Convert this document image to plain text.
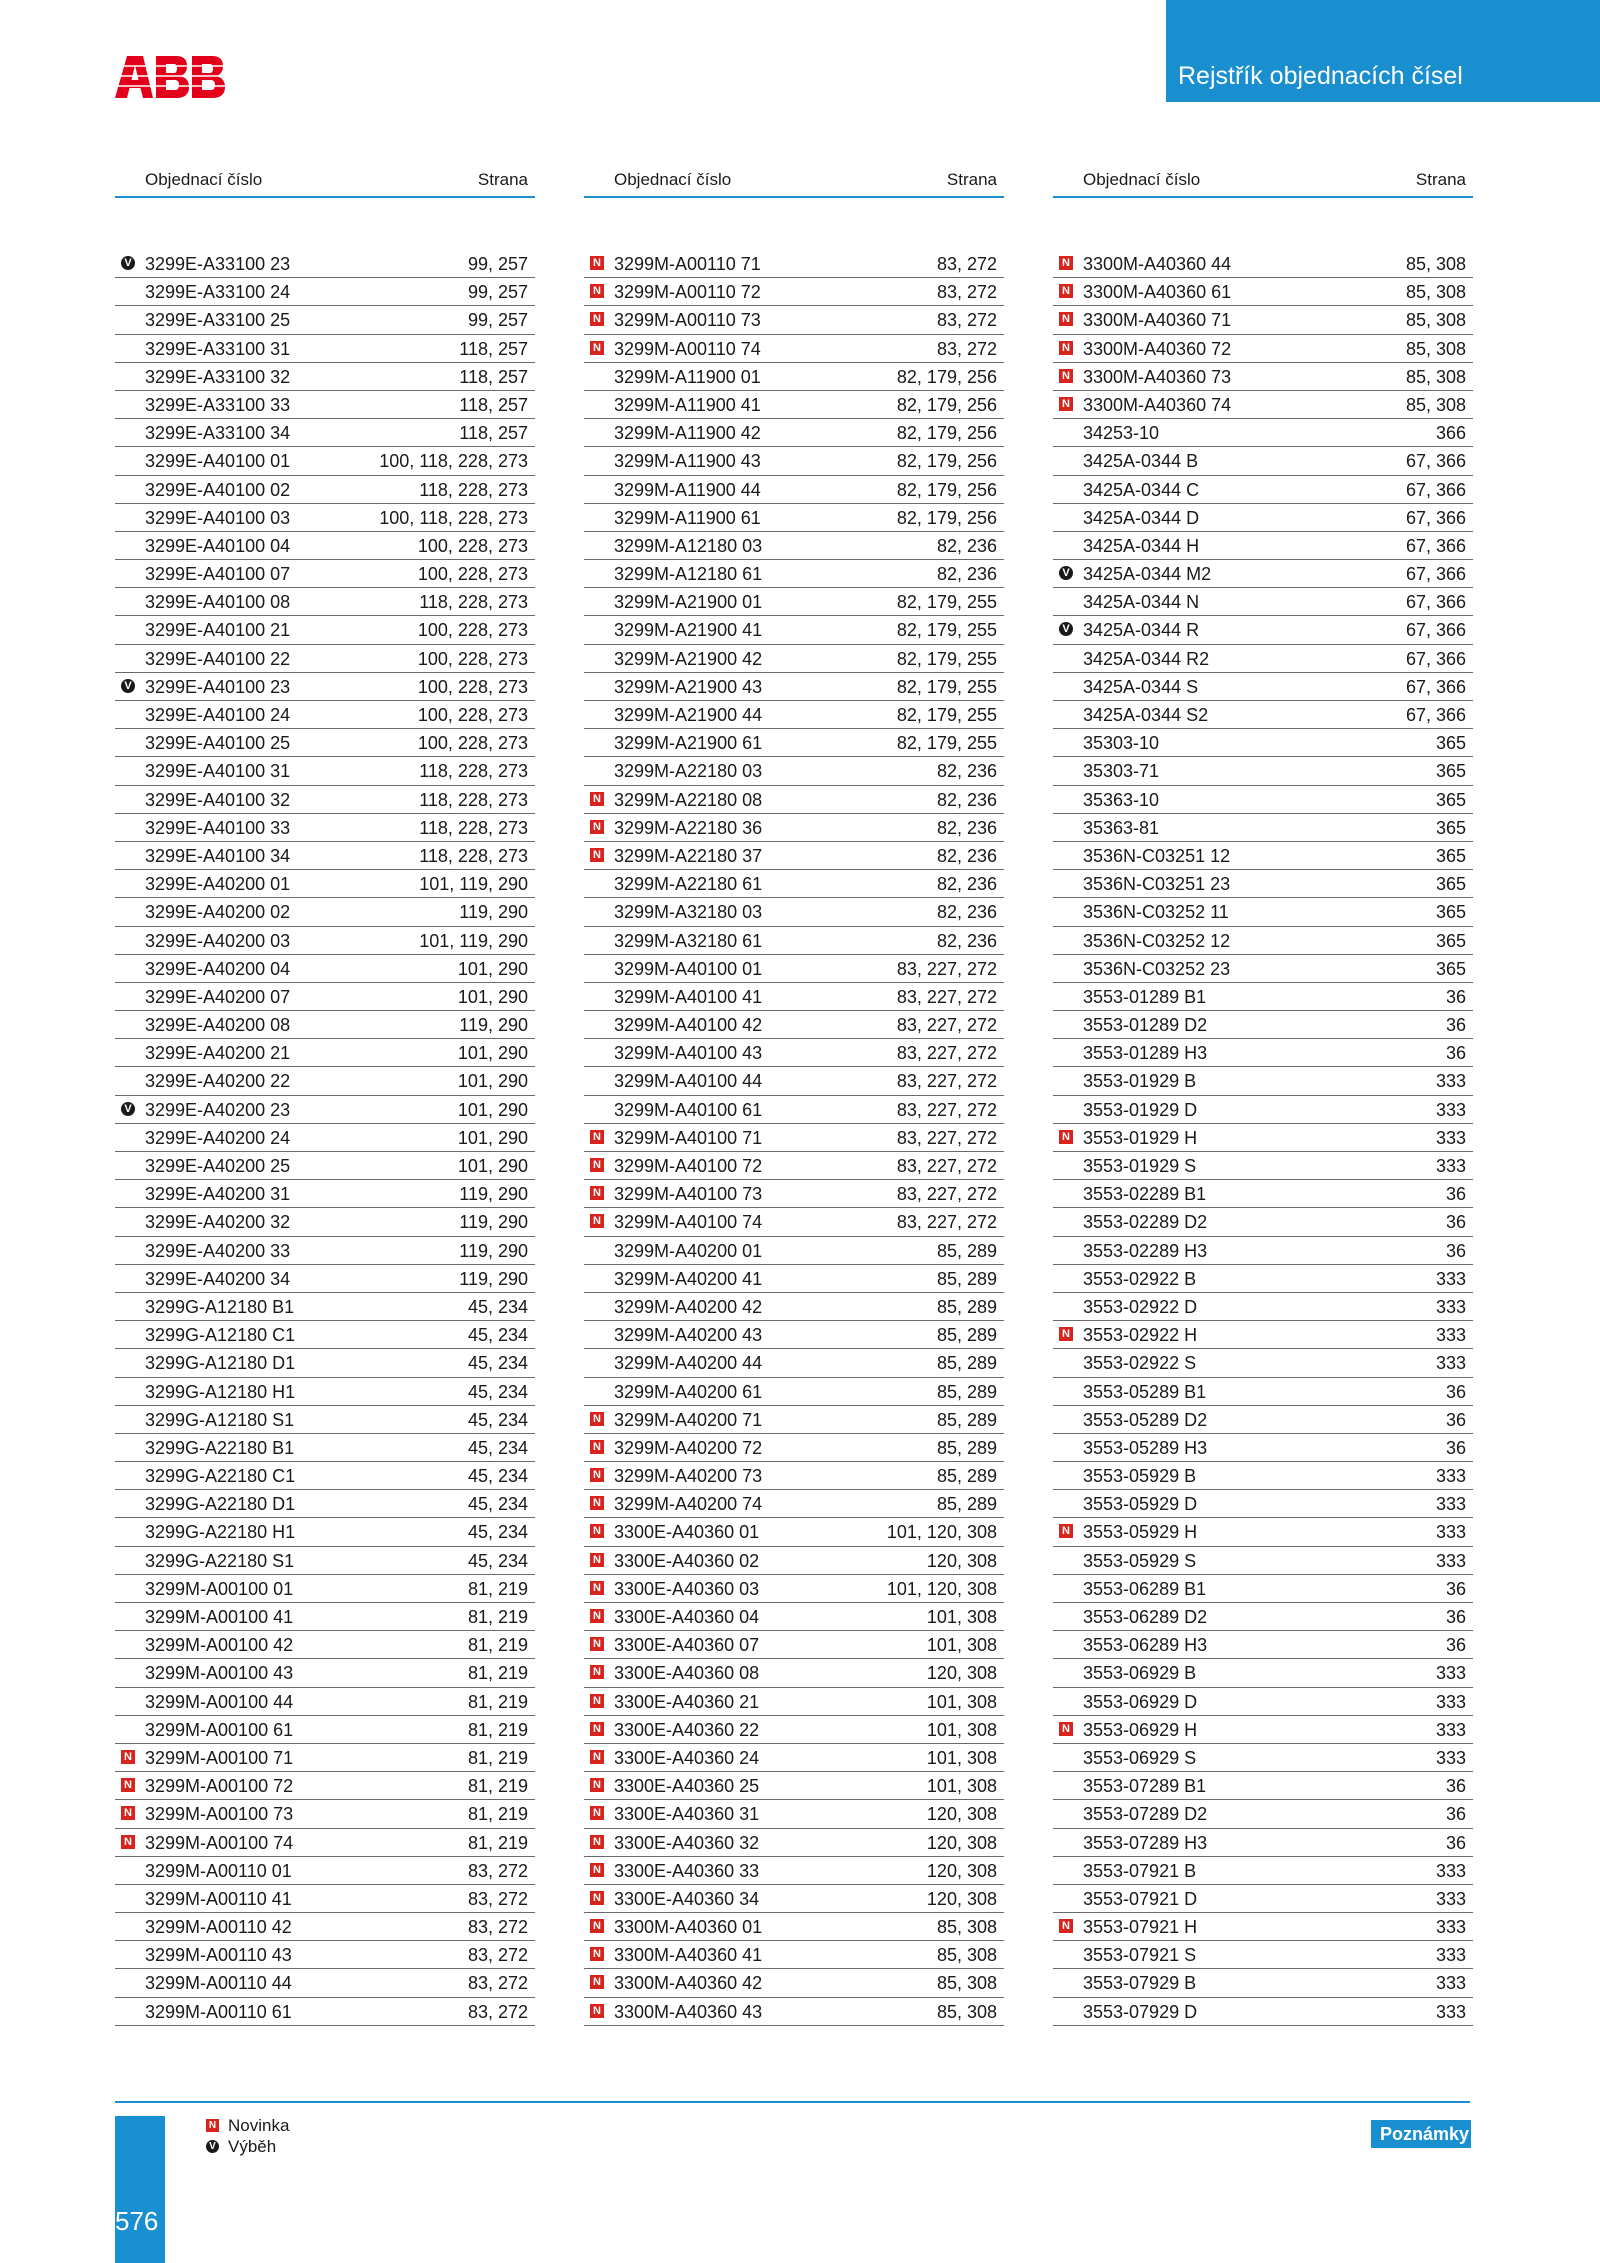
Rejstřík objednacích čísel
Objednací číslo	Strana
V 3299E-A33100 23	99, 257
3299E-A33100 24	99, 257
3299E-A33100 25	99, 257
3299E-A33100 31	118, 257
3299E-A33100 32	118, 257
3299E-A33100 33	118, 257
3299E-A33100 34	118, 257
3299E-A40100 01	100, 118, 228, 273
3299E-A40100 02	118, 228, 273
3299E-A40100 03	100, 118, 228, 273
3299E-A40100 04	100, 228, 273
3299E-A40100 07	100, 228, 273
3299E-A40100 08	118, 228, 273
3299E-A40100 21	100, 228, 273
3299E-A40100 22	100, 228, 273
V 3299E-A40100 23	100, 228, 273
3299E-A40100 24	100, 228, 273
3299E-A40100 25	100, 228, 273
3299E-A40100 31	118, 228, 273
3299E-A40100 32	118, 228, 273
3299E-A40100 33	118, 228, 273
3299E-A40100 34	118, 228, 273
3299E-A40200 01	101, 119, 290
3299E-A40200 02	119, 290
3299E-A40200 03	101, 119, 290
3299E-A40200 04	101, 290
3299E-A40200 07	101, 290
3299E-A40200 08	119, 290
3299E-A40200 21	101, 290
3299E-A40200 22	101, 290
V 3299E-A40200 23	101, 290
3299E-A40200 24	101, 290
3299E-A40200 25	101, 290
3299E-A40200 31	119, 290
3299E-A40200 32	119, 290
3299E-A40200 33	119, 290
3299E-A40200 34	119, 290
3299G-A12180 B1	45, 234
3299G-A12180 C1	45, 234
3299G-A12180 D1	45, 234
3299G-A12180 H1	45, 234
3299G-A12180 S1	45, 234
3299G-A22180 B1	45, 234
3299G-A22180 C1	45, 234
3299G-A22180 D1	45, 234
3299G-A22180 H1	45, 234
3299G-A22180 S1	45, 234
3299M-A00100 01	81, 219
3299M-A00100 41	81, 219
3299M-A00100 42	81, 219
3299M-A00100 43	81, 219
3299M-A00100 44	81, 219
3299M-A00100 61	81, 219
N 3299M-A00100 71	81, 219
N 3299M-A00100 72	81, 219
N 3299M-A00100 73	81, 219
N 3299M-A00100 74	81, 219
3299M-A00110 01	83, 272
3299M-A00110 41	83, 272
3299M-A00110 42	83, 272
3299M-A00110 43	83, 272
3299M-A00110 44	83, 272
3299M-A00110 61	83, 272
Objednací číslo	Strana
N 3299M-A00110 71	83, 272
N 3299M-A00110 72	83, 272
N 3299M-A00110 73	83, 272
N 3299M-A00110 74	83, 272
3299M-A11900 01	82, 179, 256
3299M-A11900 41	82, 179, 256
3299M-A11900 42	82, 179, 256
3299M-A11900 43	82, 179, 256
3299M-A11900 44	82, 179, 256
3299M-A11900 61	82, 179, 256
3299M-A12180 03	82, 236
3299M-A12180 61	82, 236
3299M-A21900 01	82, 179, 255
3299M-A21900 41	82, 179, 255
3299M-A21900 42	82, 179, 255
3299M-A21900 43	82, 179, 255
3299M-A21900 44	82, 179, 255
3299M-A21900 61	82, 179, 255
3299M-A22180 03	82, 236
N 3299M-A22180 08	82, 236
N 3299M-A22180 36	82, 236
N 3299M-A22180 37	82, 236
3299M-A22180 61	82, 236
3299M-A32180 03	82, 236
3299M-A32180 61	82, 236
3299M-A40100 01	83, 227, 272
3299M-A40100 41	83, 227, 272
3299M-A40100 42	83, 227, 272
3299M-A40100 43	83, 227, 272
3299M-A40100 44	83, 227, 272
3299M-A40100 61	83, 227, 272
N 3299M-A40100 71	83, 227, 272
N 3299M-A40100 72	83, 227, 272
N 3299M-A40100 73	83, 227, 272
N 3299M-A40100 74	83, 227, 272
3299M-A40200 01	85, 289
3299M-A40200 41	85, 289
3299M-A40200 42	85, 289
3299M-A40200 43	85, 289
3299M-A40200 44	85, 289
3299M-A40200 61	85, 289
N 3299M-A40200 71	85, 289
N 3299M-A40200 72	85, 289
N 3299M-A40200 73	85, 289
N 3299M-A40200 74	85, 289
N 3300E-A40360 01	101, 120, 308
N 3300E-A40360 02	120, 308
N 3300E-A40360 03	101, 120, 308
N 3300E-A40360 04	101, 308
N 3300E-A40360 07	101, 308
N 3300E-A40360 08	120, 308
N 3300E-A40360 21	101, 308
N 3300E-A40360 22	101, 308
N 3300E-A40360 24	101, 308
N 3300E-A40360 25	101, 308
N 3300E-A40360 31	120, 308
N 3300E-A40360 32	120, 308
N 3300E-A40360 33	120, 308
N 3300E-A40360 34	120, 308
N 3300M-A40360 01	85, 308
N 3300M-A40360 41	85, 308
N 3300M-A40360 42	85, 308
N 3300M-A40360 43	85, 308
Objednací číslo	Strana
N 3300M-A40360 44	85, 308
N 3300M-A40360 61	85, 308
N 3300M-A40360 71	85, 308
N 3300M-A40360 72	85, 308
N 3300M-A40360 73	85, 308
N 3300M-A40360 74	85, 308
34253-10	366
3425A-0344 B	67, 366
3425A-0344 C	67, 366
3425A-0344 D	67, 366
3425A-0344 H	67, 366
V 3425A-0344 M2	67, 366
3425A-0344 N	67, 366
V 3425A-0344 R	67, 366
3425A-0344 R2	67, 366
3425A-0344 S	67, 366
3425A-0344 S2	67, 366
35303-10	365
35303-71	365
35363-10	365
35363-81	365
3536N-C03251 12	365
3536N-C03251 23	365
3536N-C03252 11	365
3536N-C03252 12	365
3536N-C03252 23	365
3553-01289 B1	36
3553-01289 D2	36
3553-01289 H3	36
3553-01929 B	333
3553-01929 D	333
N 3553-01929 H	333
3553-01929 S	333
3553-02289 B1	36
3553-02289 D2	36
3553-02289 H3	36
3553-02922 B	333
3553-02922 D	333
N 3553-02922 H	333
3553-02922 S	333
3553-05289 B1	36
3553-05289 D2	36
3553-05289 H3	36
3553-05929 B	333
3553-05929 D	333
N 3553-05929 H	333
3553-05929 S	333
3553-06289 B1	36
3553-06289 D2	36
3553-06289 H3	36
3553-06929 B	333
3553-06929 D	333
N 3553-06929 H	333
3553-06929 S	333
3553-07289 B1	36
3553-07289 D2	36
3553-07289 H3	36
3553-07921 B	333
3553-07921 D	333
N 3553-07921 H	333
3553-07921 S	333
3553-07929 B	333
3553-07929 D	333
576
N Novinka
V Výběh
Poznámky
